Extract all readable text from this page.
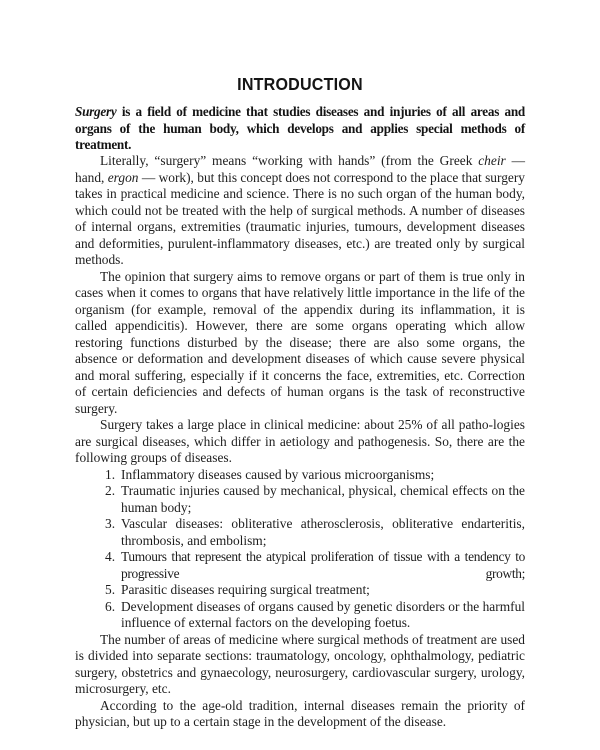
INTRODUCTION

Surgery is a field of medicine that studies diseases and injuries of all areas and organs of the human body, which develops and applies special methods of treatment.

Literally, “surgery” means “working with hands” (from the Greek cheir — hand, ergon — work), but this concept does not correspond to the place that surgery takes in practical medicine and science. There is no such organ of the human body, which could not be treated with the help of surgical methods. A number of diseases of internal organs, extremities (traumatic injuries, tumours, development diseases and deformities, purulent-inflammatory diseases, etc.) are treated only by surgical methods.

The opinion that surgery aims to remove organs or part of them is true only in cases when it comes to organs that have relatively little importance in the life of the organism (for example, removal of the appendix during its inflammation, it is called appendicitis). However, there are some organs operating which allow restoring functions disturbed by the disease; there are also some organs, the absence or deformation and development diseases of which cause severe physical and moral suffering, especially if it concerns the face, extremities, etc. Correction of certain deficiencies and defects of human organs is the task of reconstructive surgery.

Surgery takes a large place in clinical medicine: about 25% of all patho-logies are surgical diseases, which differ in aetiology and pathogenesis. So, there are the following groups of diseases.

1. Inflammatory diseases caused by various microorganisms;
2. Traumatic injuries caused by mechanical, physical, chemical effects on the human body;
3. Vascular diseases: obliterative atherosclerosis, obliterative endarteritis, thrombosis, and embolism;
4. Tumours that represent the atypical proliferation of tissue with a tendency to progressive growth;
5. Parasitic diseases requiring surgical treatment;
6. Development diseases of organs caused by genetic disorders or the harmful influence of external factors on the developing foetus.

The number of areas of medicine where surgical methods of treatment are used is divided into separate sections: traumatology, oncology, ophthalmology, pediatric surgery, obstetrics and gynaecology, neurosurgery, cardiovascular surgery, urology, microsurgery, etc.

According to the age-old tradition, internal diseases remain the priority of physician, but up to a certain stage in the development of the disease.
